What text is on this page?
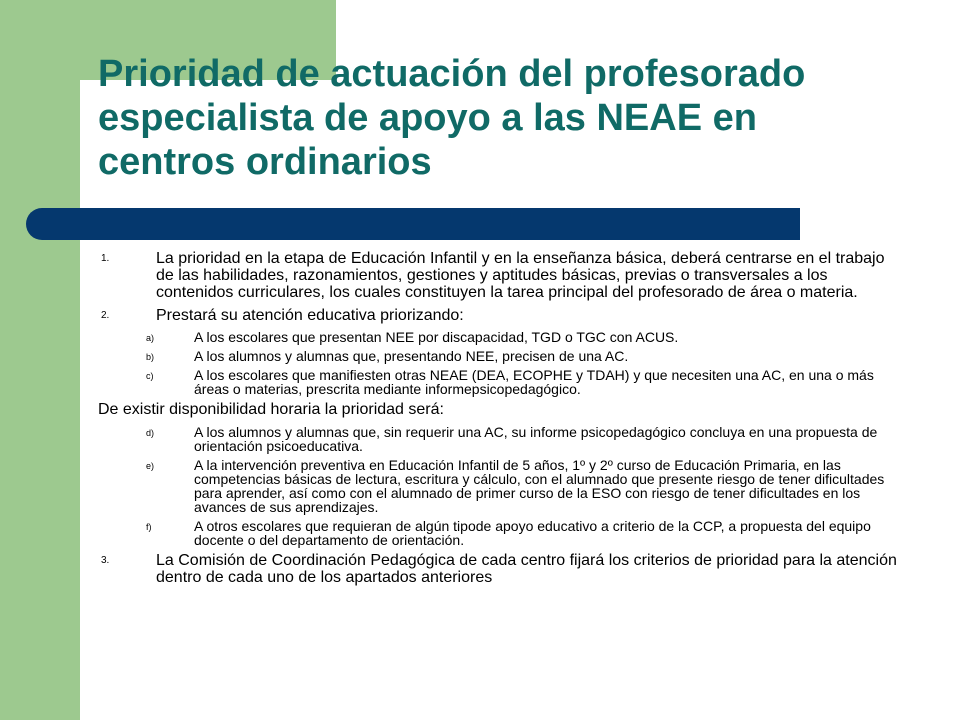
Prioridad de actuación del profesorado
especialista de apoyo a las NEAE en
centros ordinarios
1.	La prioridad en la etapa de Educación Infantil y en la enseñanza básica, deberá centrarse en el trabajo de las habilidades, razonamientos, gestiones y aptitudes básicas, previas o transversales a los contenidos curriculares, los cuales constituyen la tarea principal del profesorado de área o materia.
2.	Prestará su atención educativa priorizando:
a)	A los escolares que presentan NEE por discapacidad, TGD o TGC con ACUS.
b)	A los alumnos y alumnas que, presentando NEE, precisen de una AC.
c)	A los escolares que manifiesten otras NEAE (DEA, ECOPHE y TDAH) y que necesiten una AC, en una o más áreas o materias, prescrita mediante informepsicopedagógico.
De existir disponibilidad horaria la prioridad será:
d)	A los alumnos y alumnas que, sin requerir una AC, su informe psicopedagógico concluya en una propuesta de orientación psicoeducativa.
e)	A la intervención preventiva en Educación Infantil de 5 años, 1º y 2º curso de Educación Primaria, en las competencias básicas de lectura, escritura y cálculo, con el alumnado que presente riesgo de tener dificultades para aprender, así como con el alumnado de primer curso de la ESO con riesgo de tener dificultades en los avances de sus aprendizajes.
f)	A otros escolares que requieran de algún tipode apoyo educativo a criterio de la CCP, a propuesta del equipo docente o del departamento de orientación.
3.	La Comisión de Coordinación Pedagógica de cada centro fijará los criterios de prioridad para la atención dentro de cada uno de los apartados anteriores
